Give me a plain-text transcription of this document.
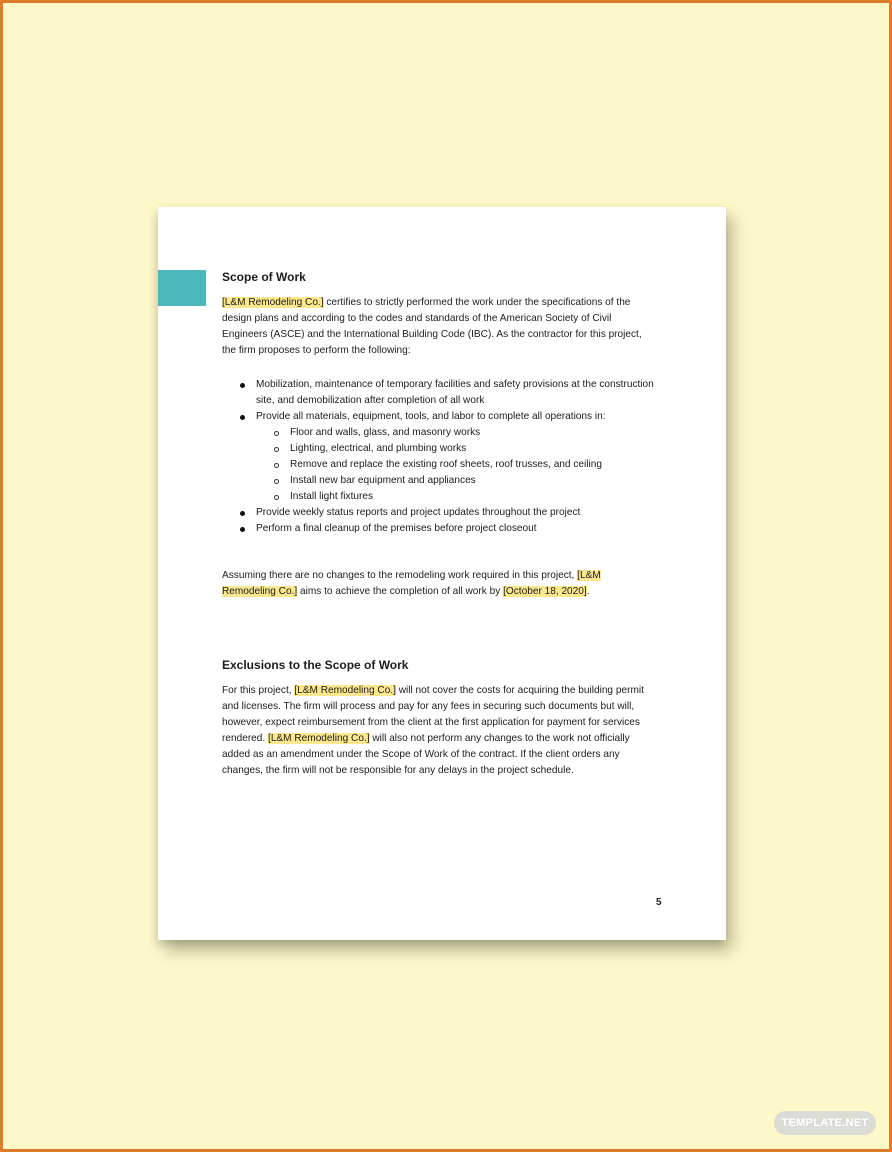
Scope of Work

[L&M Remodeling Co.] certifies to strictly performed the work under the specifications of the design plans and according to the codes and standards of the American Society of Civil Engineers (ASCE) and the International Building Code (IBC). As the contractor for this project, the firm proposes to perform the following:

Mobilization, maintenance of temporary facilities and safety provisions at the construction site, and demobilization after completion of all work
Provide all materials, equipment, tools, and labor to complete all operations in:
Floor and walls, glass, and masonry works
Lighting, electrical, and plumbing works
Remove and replace the existing roof sheets, roof trusses, and ceiling
Install new bar equipment and appliances
Install light fixtures
Provide weekly status reports and project updates throughout the project
Perform a final cleanup of the premises before project closeout

Assuming there are no changes to the remodeling work required in this project, [L&M Remodeling Co.] aims to achieve the completion of all work by [October 18, 2020].

Exclusions to the Scope of Work

For this project, [L&M Remodeling Co.] will not cover the costs for acquiring the building permit and licenses. The firm will process and pay for any fees in securing such documents but will, however, expect reimbursement from the client at the first application for payment for services rendered. [L&M Remodeling Co.] will also not perform any changes to the work not officially added as an amendment under the Scope of Work of the contract. If the client orders any changes, the firm will not be responsible for any delays in the project schedule.

5
TEMPLATE.NET
